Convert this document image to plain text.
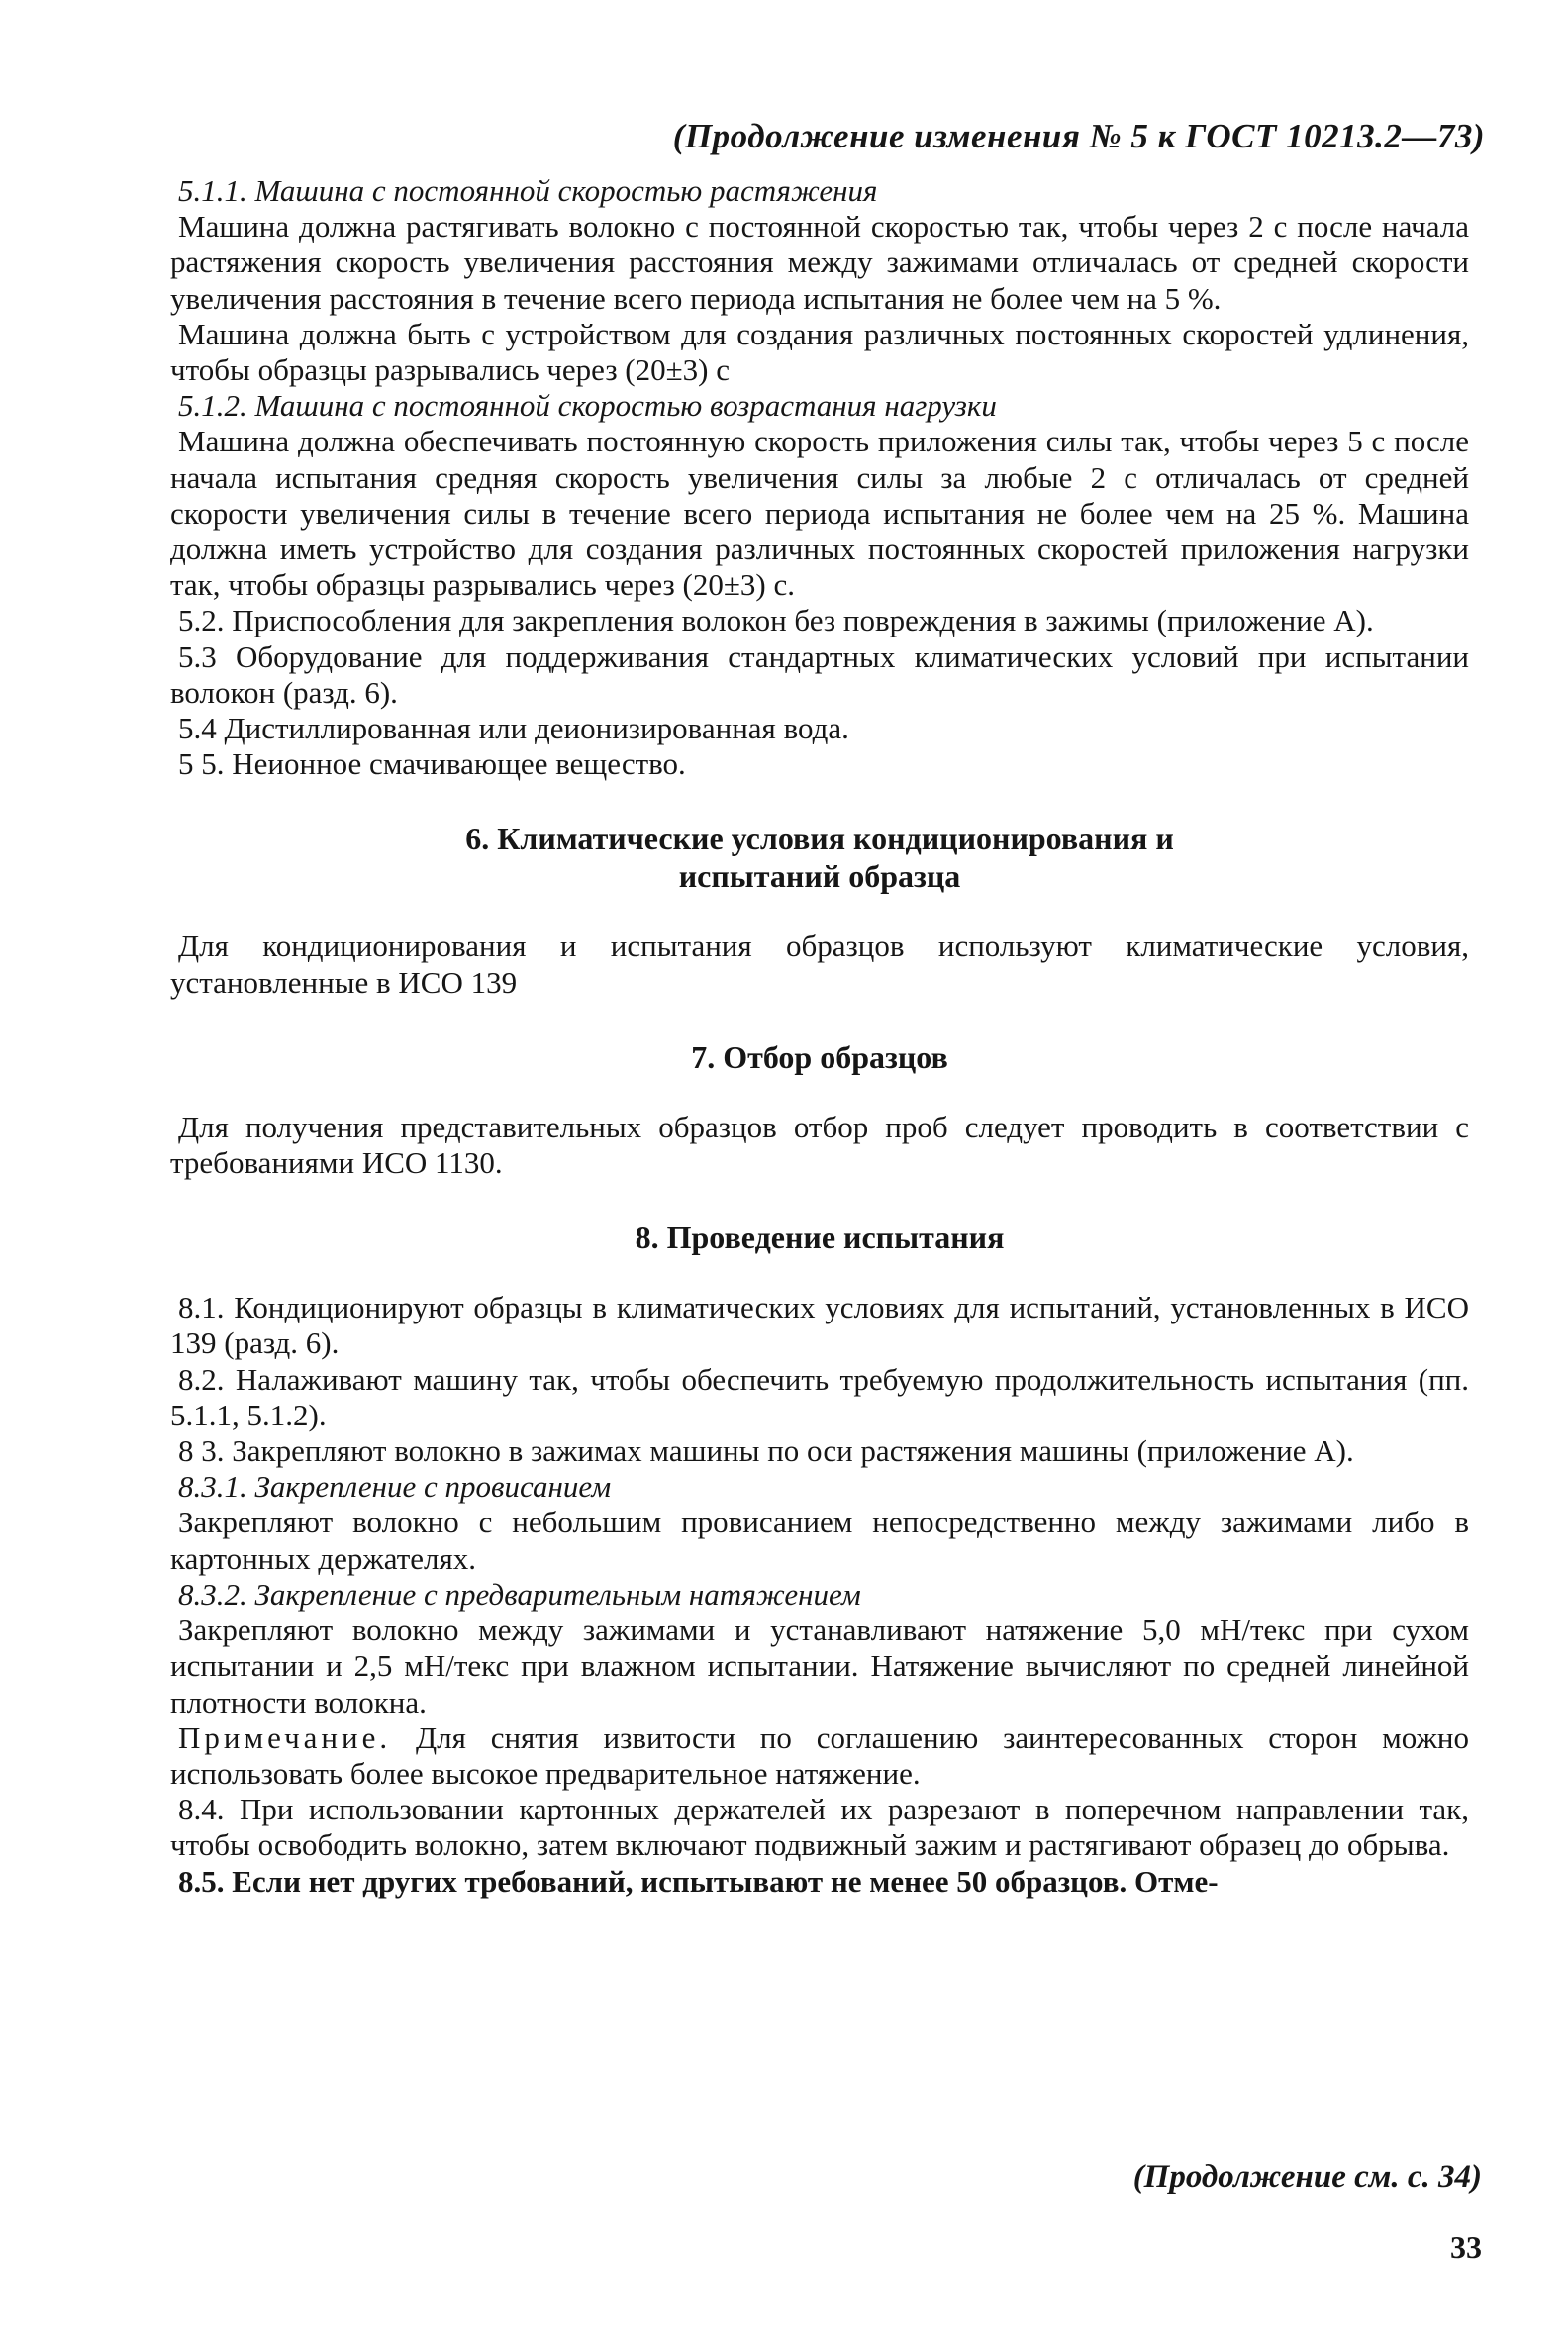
(Продолжение изменения № 5 к ГОСТ 10213.2—73)

5.1.1. Машина с постоянной скоростью растяжения

Машина должна растягивать волокно с постоянной скоростью так, чтобы через 2 с после начала растяжения скорость увеличения расстояния между зажимами отличалась от средней скорости увеличения расстояния в течение всего периода испытания не более чем на 5 %.

Машина должна быть с устройством для создания различных постоянных скоростей удлинения, чтобы образцы разрывались через (20±3) с

5.1.2. Машина с постоянной скоростью возрастания нагрузки

Машина должна обеспечивать постоянную скорость приложения силы так, чтобы через 5 с после начала испытания средняя скорость увеличения силы за любые 2 с отличалась от средней скорости увеличения силы в течение всего периода испытания не более чем на 25 %. Машина должна иметь устройство для создания различных постоянных скоростей приложения нагрузки так, чтобы образцы разрывались через (20±3) с.

5.2. Приспособления для закрепления волокон без повреждения в зажимы (приложение А).

5.3 Оборудование для поддерживания стандартных климатических условий при испытании волокон (разд. 6).

5.4 Дистиллированная или деионизированная вода.

5 5. Неионное смачивающее вещество.

6. Климатические условия кондиционирования и испытаний образца

Для кондиционирования и испытания образцов используют климатические условия, установленные в ИСО 139

7. Отбор образцов

Для получения представительных образцов отбор проб следует проводить в соответствии с требованиями ИСО 1130.

8. Проведение испытания

8.1. Кондиционируют образцы в климатических условиях для испытаний, установленных в ИСО 139 (разд. 6).

8.2. Налаживают машину так, чтобы обеспечить требуемую продолжительность испытания (пп. 5.1.1, 5.1.2).

8 3. Закрепляют волокно в зажимах машины по оси растяжения машины (приложение А).

8.3.1. Закрепление с провисанием

Закрепляют волокно с небольшим провисанием непосредственно между зажимами либо в картонных держателях.

8.3.2. Закрепление с предварительным натяжением

Закрепляют волокно между зажимами и устанавливают натяжение 5,0 мН/текс при сухом испытании и 2,5 мН/текс при влажном испытании. Натяжение вычисляют по средней линейной плотности волокна.

Примечание. Для снятия извитости по соглашению заинтересованных сторон можно использовать более высокое предварительное натяжение.

8.4. При использовании картонных держателей их разрезают в поперечном направлении так, чтобы освободить волокно, затем включают подвижный зажим и растягивают образец до обрыва.

8.5. Если нет других требований, испытывают не менее 50 образцов. Отме-

(Продолжение см. с. 34)
33
